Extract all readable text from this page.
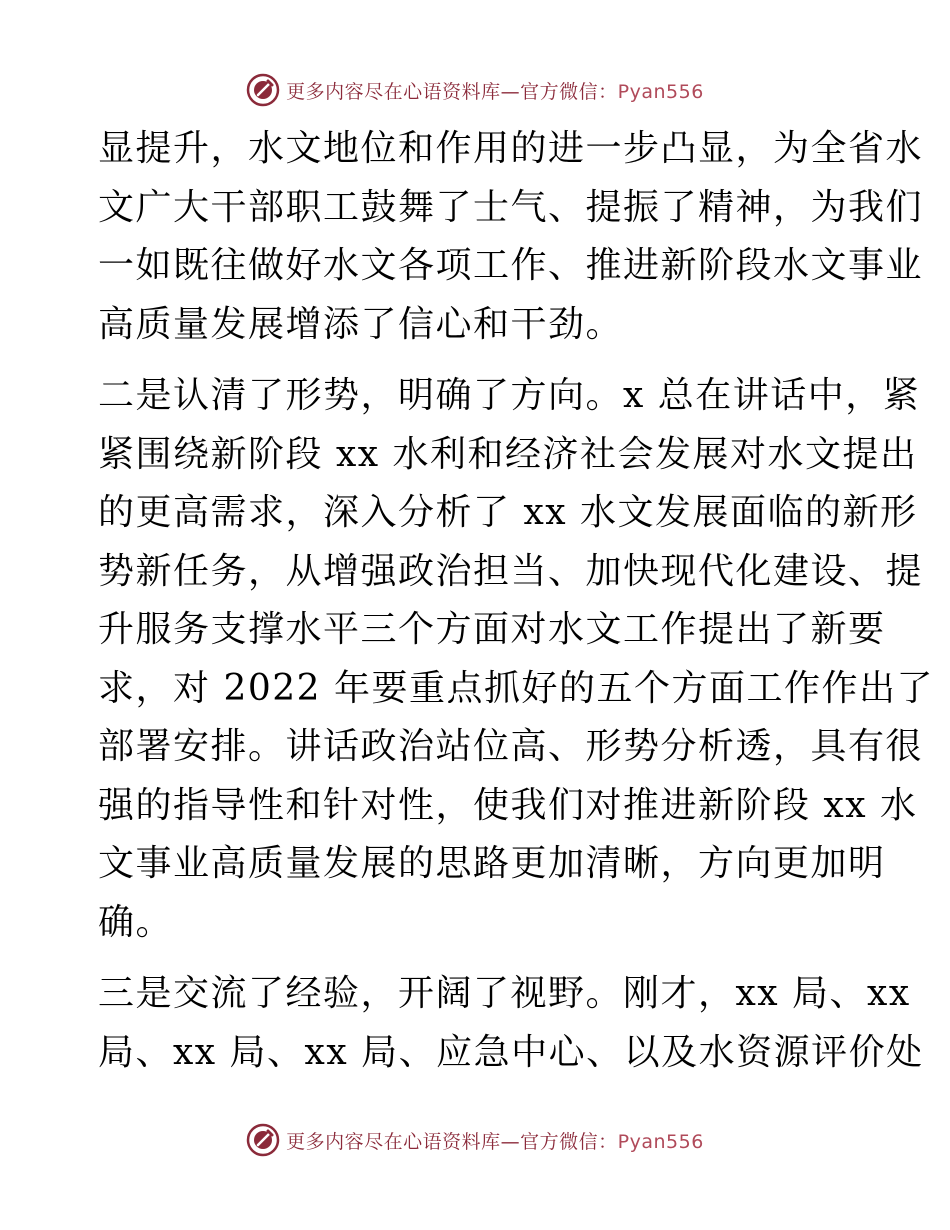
更多内容尽在心语资料库—官方微信：Pyan556
显提升，水文地位和作用的进一步凸显，为全省水
文广大干部职工鼓舞了士气、提振了精神，为我们
一如既往做好水文各项工作、推进新阶段水文事业
高质量发展增添了信心和干劲。
二是认清了形势，明确了方向。x 总在讲话中，紧
紧围绕新阶段 xx 水利和经济社会发展对水文提出
的更高需求，深入分析了 xx 水文发展面临的新形
势新任务，从增强政治担当、加快现代化建设、提
升服务支撑水平三个方面对水文工作提出了新要
求，对 2022 年要重点抓好的五个方面工作作出了
部署安排。讲话政治站位高、形势分析透，具有很
强的指导性和针对性，使我们对推进新阶段 xx 水
文事业高质量发展的思路更加清晰，方向更加明
确。
三是交流了经验，开阔了视野。刚才，xx 局、xx
局、xx 局、xx 局、应急中心、以及水资源评价处
更多内容尽在心语资料库—官方微信：Pyan556
